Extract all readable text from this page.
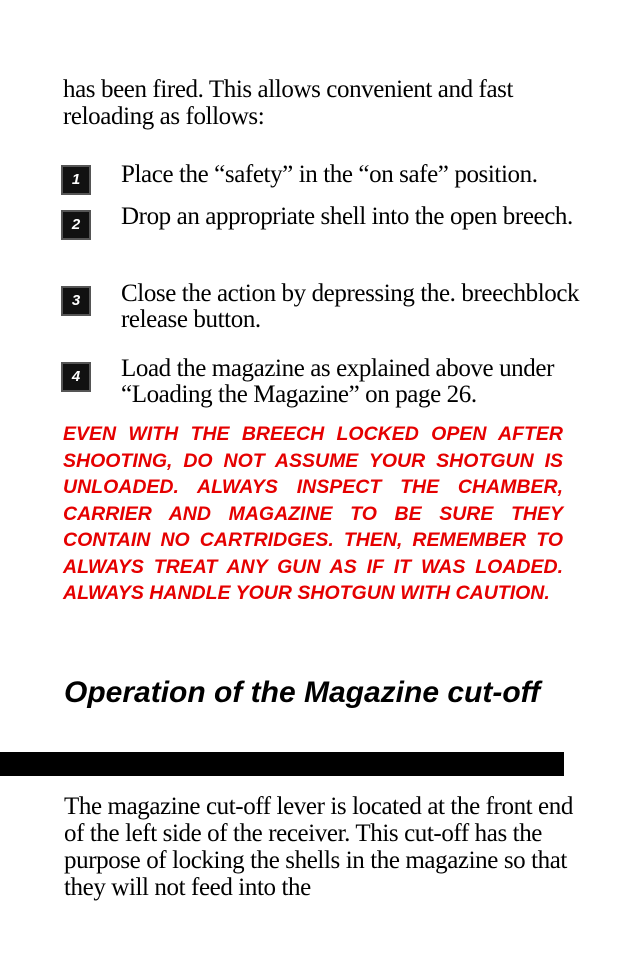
has been fired. This allows convenient and fast reloading as follows:
1	Place the “safety” in the “on safe” position.
2	Drop an appropriate shell into the open breech.
3	Close the action by depressing the. breechblock release button.
4	Load the magazine as explained above under “Loading the Magazine” on page 26.
EVEN WITH THE BREECH LOCKED OPEN AFTER SHOOTING, DO NOT ASSUME YOUR SHOTGUN IS UNLOADED. ALWAYS INSPECT THE CHAMBER, CARRIER AND MAGAZINE TO BE SURE THEY CONTAIN NO CARTRIDGES. THEN, REMEMBER TO ALWAYS TREAT ANY GUN AS IF IT WAS LOADED. ALWAYS HANDLE YOUR SHOTGUN WITH CAUTION.
Operation of the Magazine cut-off
The magazine cut-off lever is located at the front end of the left side of the receiver. This cut-off has the purpose of locking the shells in the magazine so that they will not feed into the
